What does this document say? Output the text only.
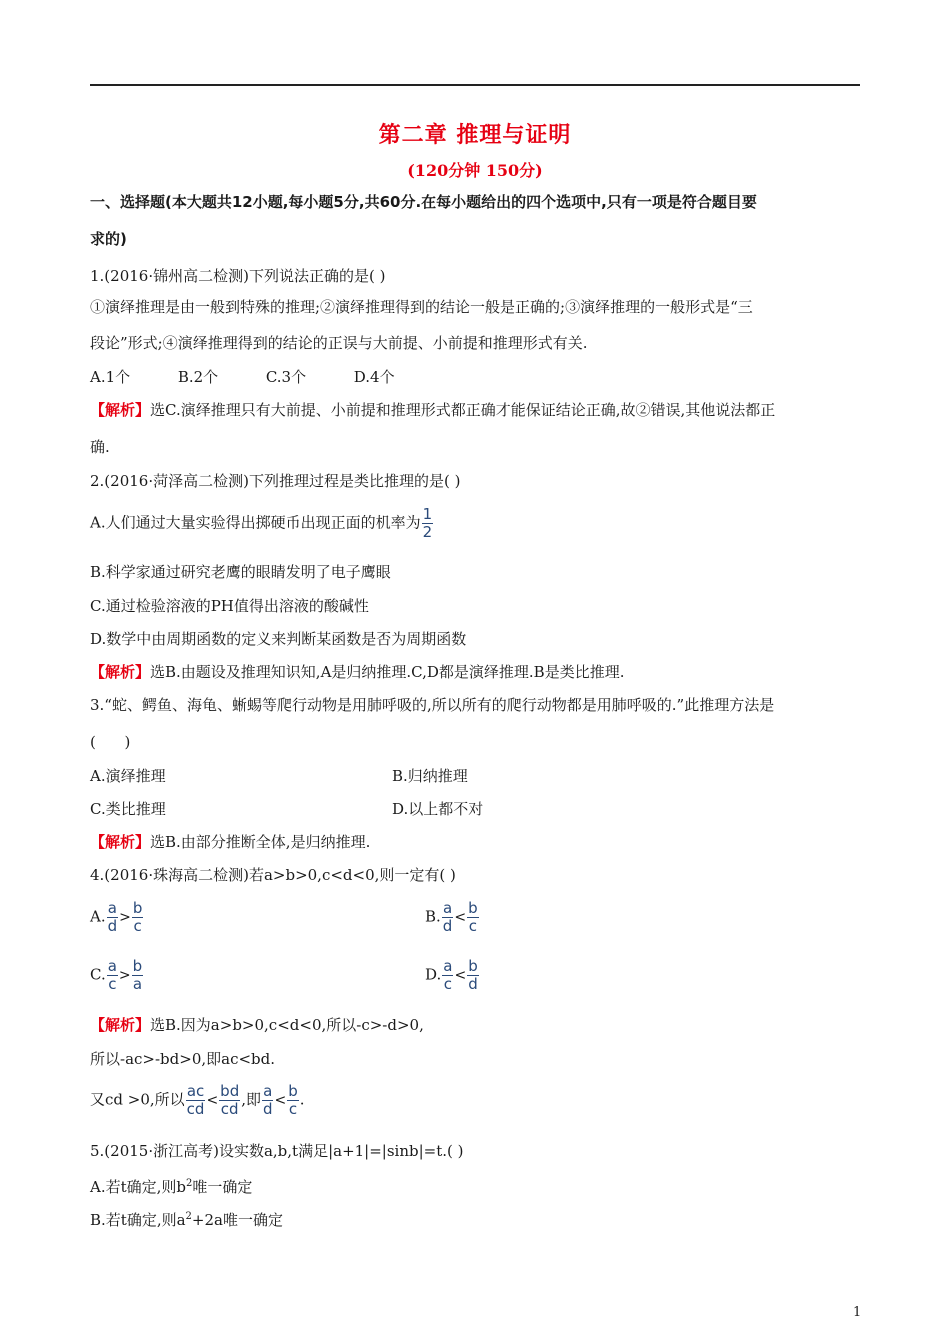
第二章 推理与证明
(120分钟 150分)
一、选择题(本大题共12小题,每小题5分,共60分.在每小题给出的四个选项中,只有一项是符合题目要
求的)
1.(2016·锦州高二检测)下列说法正确的是( )
①演绎推理是由一般到特殊的推理;②演绎推理得到的结论一般是正确的;③演绎推理的一般形式是“三
段论”形式;④演绎推理得到的结论的正误与大前提、小前提和推理形式有关.
A.1个          B.2个          C.3个          D.4个
【解析】选C.演绎推理只有大前提、小前提和推理形式都正确才能保证结论正确,故②错误,其他说法都正
确.
2.(2016·菏泽高二检测)下列推理过程是类比推理的是( )
A.人们通过大量实验得出掷硬币出现正面的机率为 $\frac{1}{2}$
B.科学家通过研究老鹰的眼睛发明了电子鹰眼
C.通过检验溶液的PH值得出溶液的酸碱性
D.数学中由周期函数的定义来判断某函数是否为周期函数
【解析】选B.由题设及推理知识知,A是归纳推理.C,D都是演绎推理.B是类比推理.
3.“蛇、鳄鱼、海龟、蜥蜴等爬行动物是用肺呼吸的,所以所有的爬行动物都是用肺呼吸的.”此推理方法是
(      )
A.演绎推理	B.归纳推理
C.类比推理	D.以上都不对
【解析】选B.由部分推断全体,是归纳推理.
4.(2016·珠海高二检测)若a>b>0,c<d<0,则一定有( )
A. $\frac{a}{d} > \frac{b}{c}$	B. $\frac{a}{d} < \frac{b}{c}$
C. $\frac{a}{c} > \frac{b}{a}$	D. $\frac{a}{c} < \frac{b}{d}$
【解析】选B.因为a>b>0,c<d<0,所以-c>-d>0,
所以-ac>-bd>0,即ac<bd.
又cd >0,所以 $\frac{ac}{cd} < \frac{bd}{cd}$ ,即 $\frac{a}{d} < \frac{b}{c}$ .
5.(2015·浙江高考)设实数a,b,t满足|a+1|=|sinb|=t.( )
A.若t确定,则$b^2$唯一确定
B.若t确定,则$a^2+2a$唯一确定
1
